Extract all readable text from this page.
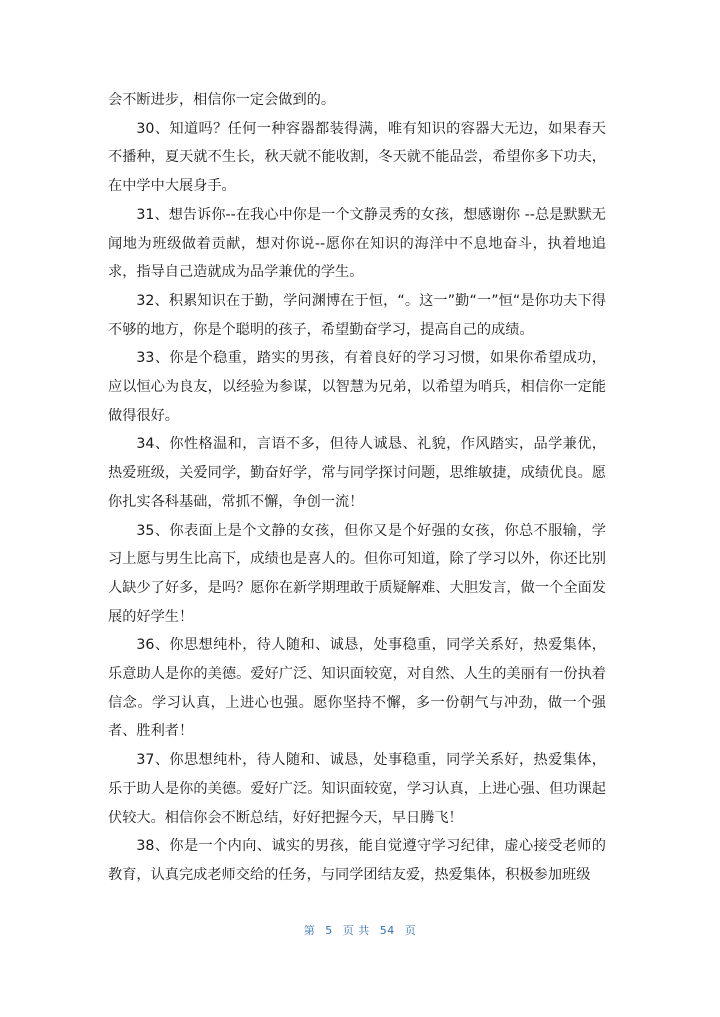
会不断进步，相信你一定会做到的。

30、知道吗？任何一种容器都装得满，唯有知识的容器大无边，如果春天不播种，夏天就不生长，秋天就不能收割，冬天就不能品尝，希望你多下功夫，在中学中大展身手。

31、想告诉你--在我心中你是一个文静灵秀的女孩，想感谢你 --总是默默无闻地为班级做着贡献，想对你说--愿你在知识的海洋中不息地奋斗，执着地追求，指导自己造就成为品学兼优的学生。

32、积累知识在于勤，学问渊博在于恒，“。这一”勤“一”恒“是你功夫下得不够的地方，你是个聪明的孩子，希望勤奋学习，提高自己的成绩。

33、你是个稳重，踏实的男孩，有着良好的学习习惯，如果你希望成功，应以恒心为良友，以经验为参谋，以智慧为兄弟，以希望为哨兵，相信你一定能做得很好。

34、你性格温和，言语不多，但待人诚恳、礼貌，作风踏实，品学兼优，热爱班级，关爱同学，勤奋好学，常与同学探讨问题，思维敏捷，成绩优良。愿你扎实各科基础，常抓不懈，争创一流！

35、你表面上是个文静的女孩，但你又是个好强的女孩，你总不服输，学习上愿与男生比高下，成绩也是喜人的。但你可知道，除了学习以外，你还比别人缺少了好多，是吗？愿你在新学期理敢于质疑解难、大胆发言，做一个全面发展的好学生！

36、你思想纯朴，待人随和、诚恳，处事稳重，同学关系好，热爱集体，乐意助人是你的美德。爱好广泛、知识面较宽，对自然、人生的美丽有一份执着信念。学习认真，上进心也强。愿你坚持不懈，多一份朝气与冲劲，做一个强者、胜利者！

37、你思想纯朴，待人随和、诚恳，处事稳重，同学关系好，热爱集体，乐于助人是你的美德。爱好广泛。知识面较宽，学习认真，上进心强、但功课起伏较大。相信你会不断总结，好好把握今天，早日腾飞！

38、你是一个内向、诚实的男孩，能自觉遵守学习纪律，虚心接受老师的教育，认真完成老师交给的任务，与同学团结友爱，热爱集体，积极参加班级

第 5 页 共 54 页
